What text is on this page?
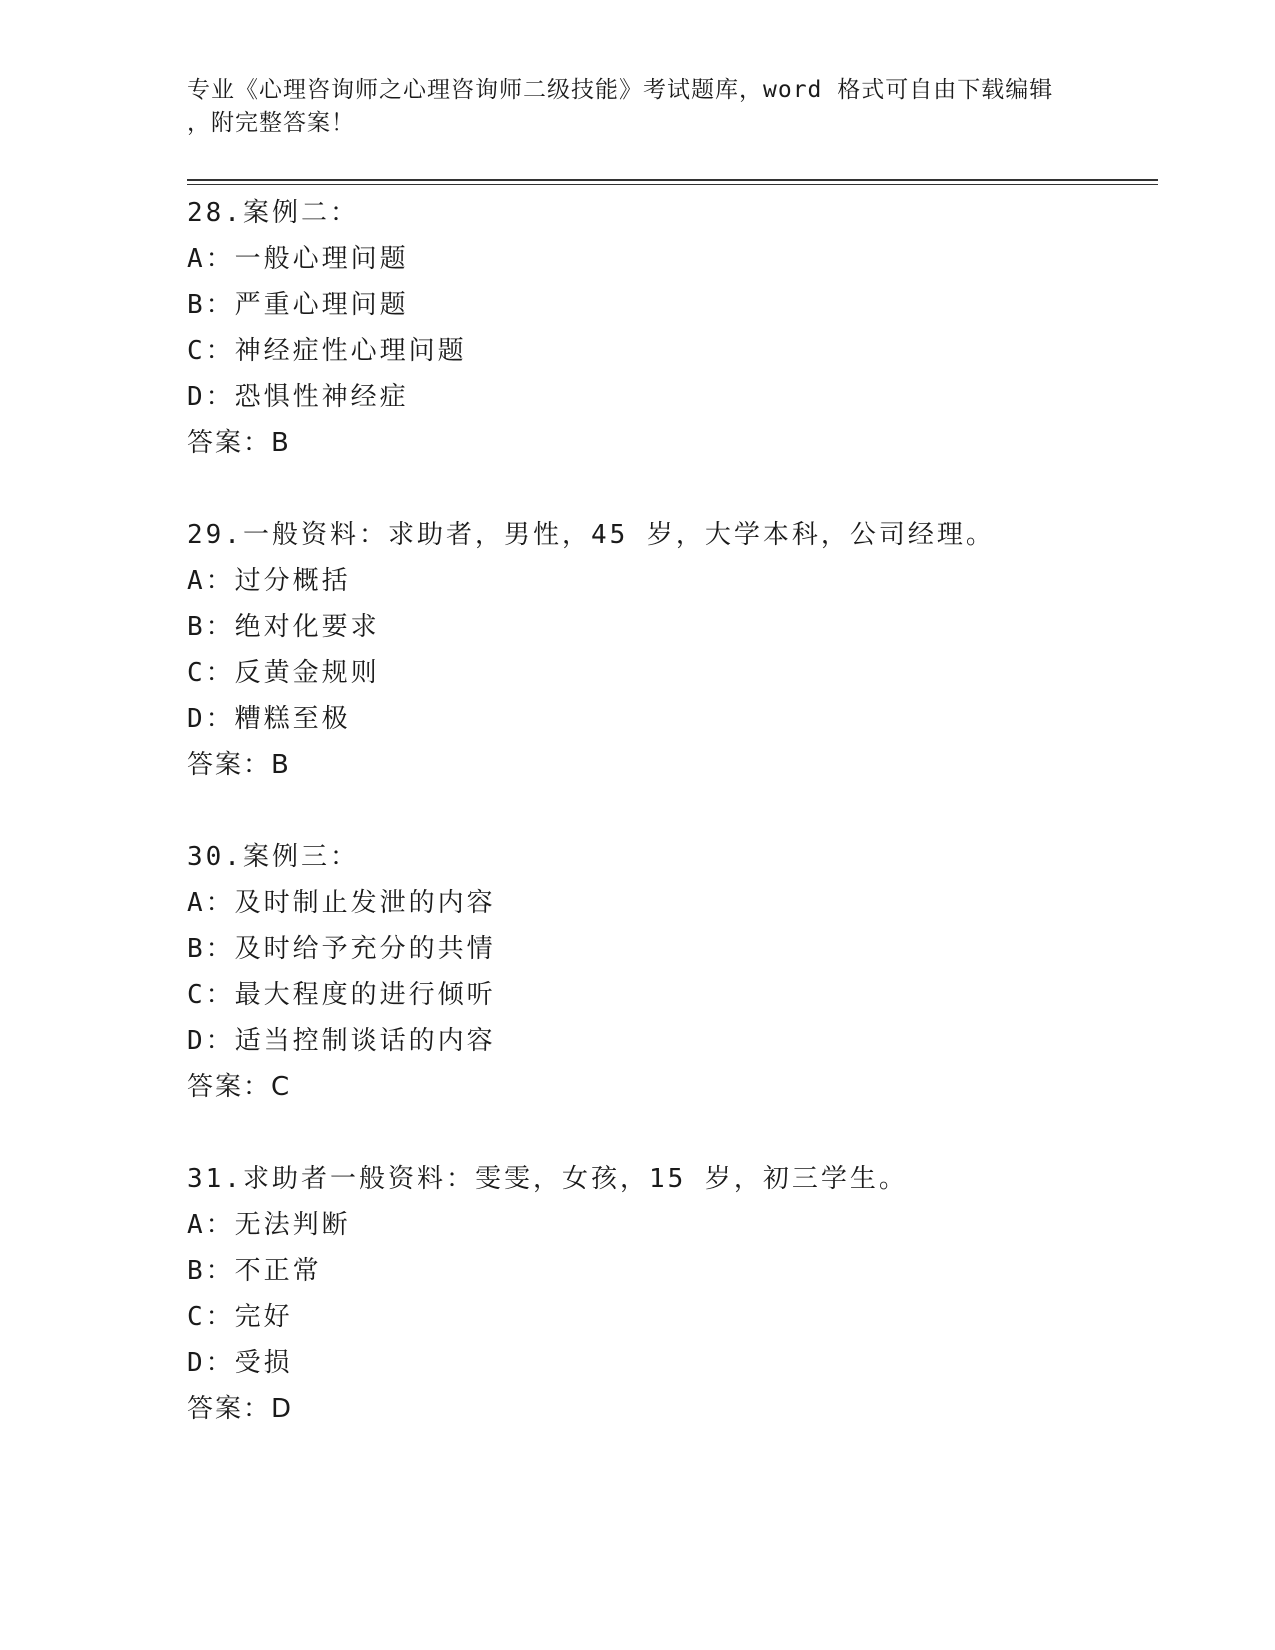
专业《心理咨询师之心理咨询师二级技能》考试题库，word 格式可自由下载编辑
，附完整答案！
28.案例二：
A：一般心理问题
B：严重心理问题
C：神经症性心理问题
D：恐惧性神经症
答案：B
29.一般资料：求助者，男性，45 岁，大学本科，公司经理。
A：过分概括
B：绝对化要求
C：反黄金规则
D：糟糕至极
答案：B
30.案例三：
A：及时制止发泄的内容
B：及时给予充分的共情
C：最大程度的进行倾听
D：适当控制谈话的内容
答案：C
31.求助者一般资料：雯雯，女孩，15 岁，初三学生。
A：无法判断
B：不正常
C：完好
D：受损
答案：D
